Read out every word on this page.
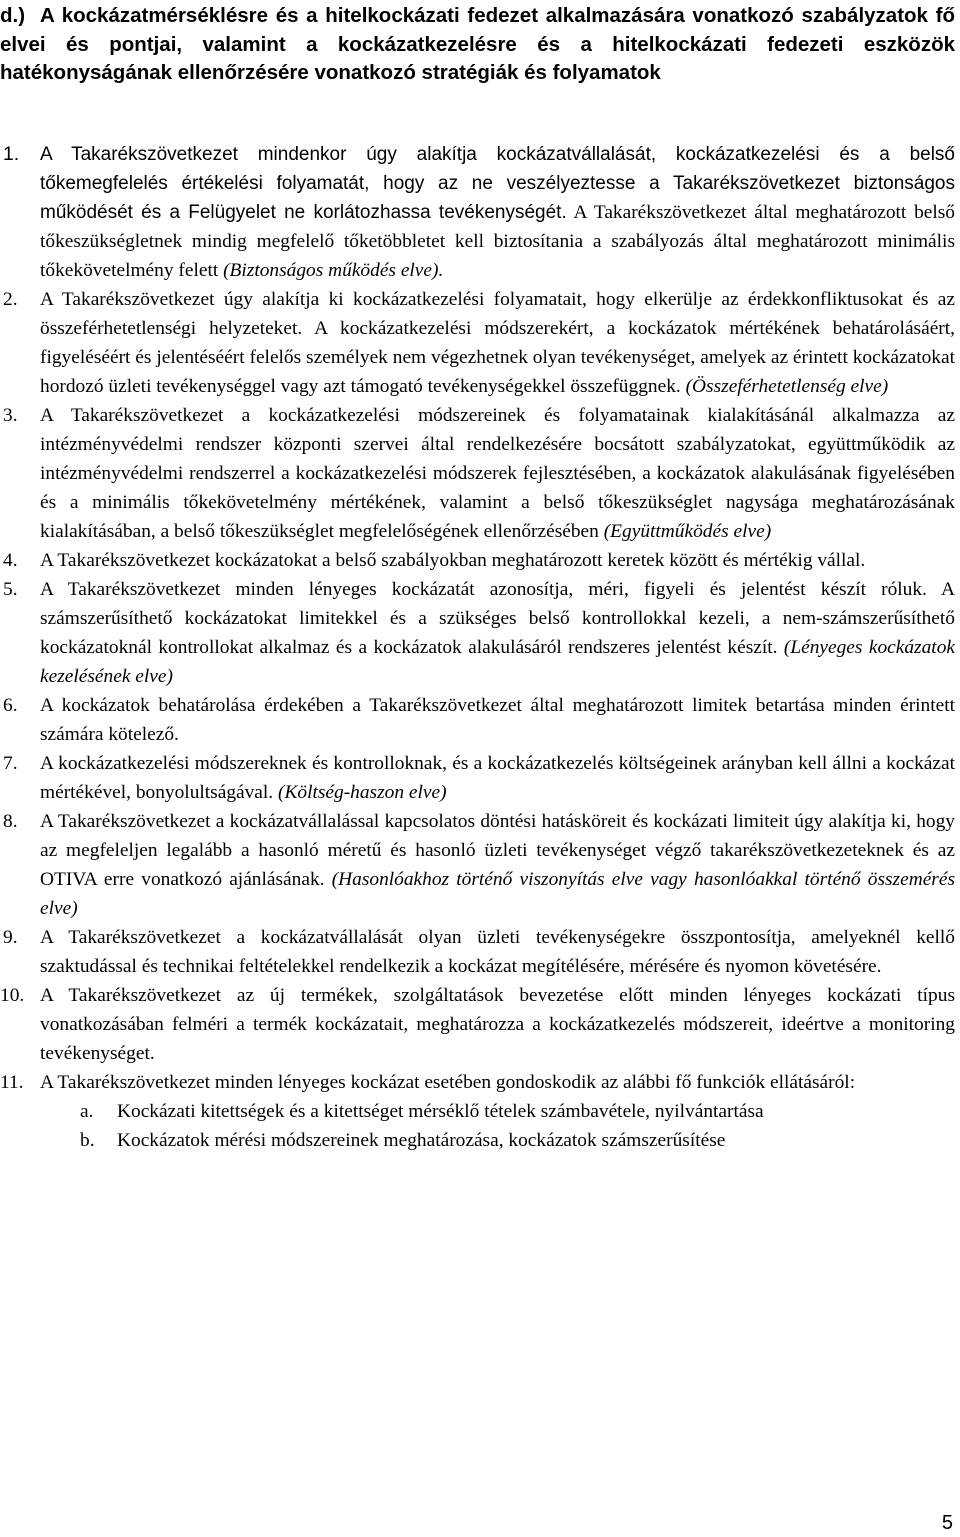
d.) A kockázatmérséklésre és a hitelkockázati fedezet alkalmazására vonatkozó szabályzatok fő elvei és pontjai, valamint a kockázatkezelésre és a hitelkockázati fedezeti eszközök hatékonyságának ellenőrzésére vonatkozó stratégiák és folyamatok
1. A Takarékszövetkezet mindenkor úgy alakítja kockázatvállalását, kockázatkezelési és a belső tőkemegfelelés értékelési folyamatát, hogy az ne veszélyeztesse a Takarékszövetkezet biztonságos működését és a Felügyelet ne korlátozhassa tevékenységét. A Takarékszövetkezet által meghatározott belső tőkeszükségletnek mindig megfelelő tőketöbbletet kell biztosítania a szabályozás által meghatározott minimális tőkekövetelmény felett (Biztonságos működés elve).
2. A Takarékszövetkezet úgy alakítja ki kockázatkezelési folyamatait, hogy elkerülje az érdekkonfliktusokat és az összeférhetetlenségi helyzeteket. A kockázatkezelési módszerekért, a kockázatok mértékének behatárolásáért, figyeléséért és jelentéséért felelős személyek nem végezhetnek olyan tevékenységet, amelyek az érintett kockázatokat hordozó üzleti tevékenységgel vagy azt támogató tevékenységekkel összefüggnek. (Összeférhetetlenség elve)
3. A Takarékszövetkezet a kockázatkezelési módszereinek és folyamatainak kialakításánál alkalmazza az intézményvédelmi rendszer központi szervei által rendelkezésére bocsátott szabályzatokat, együttműködik az intézményvédelmi rendszerrel a kockázatkezelési módszerek fejlesztésében, a kockázatok alakulásának figyelésében és a minimális tőkekövetelmény mértékének, valamint a belső tőkeszükséglet nagysága meghatározásának kialakításában, a belső tőkeszükséglet megfelelőségének ellenőrzésében (Együttműködés elve)
4. A Takarékszövetkezet kockázatokat a belső szabályokban meghatározott keretek között és mértékig vállal.
5. A Takarékszövetkezet minden lényeges kockázatát azonosítja, méri, figyeli és jelentést készít róluk. A számszerűsíthető kockázatokat limitekkel és a szükséges belső kontrollokkal kezeli, a nem-számszerűsíthető kockázatoknál kontrollokat alkalmaz és a kockázatok alakulásáról rendszeres jelentést készít. (Lényeges kockázatok kezelésének elve)
6. A kockázatok behatárolása érdekében a Takarékszövetkezet által meghatározott limitek betartása minden érintett számára kötelező.
7. A kockázatkezelési módszereknek és kontrolloknak, és a kockázatkezelés költségeinek arányban kell állni a kockázat mértékével, bonyolultságával. (Költség-haszon elve)
8. A Takarékszövetkezet a kockázatvállalással kapcsolatos döntési hatásköreit és kockázati limiteit úgy alakítja ki, hogy az megfeleljen legalább a hasonló méretű és hasonló üzleti tevékenységet végző takarékszövetkezeteknek és az OTIVA erre vonatkozó ajánlásának. (Hasonlóakhoz történő viszonyítás elve vagy hasonlóakkal történő összemérés elve)
9. A Takarékszövetkezet a kockázatvállalását olyan üzleti tevékenységekre összpontosítja, amelyeknél kellő szaktudással és technikai feltételekkel rendelkezik a kockázat megítélésére, mérésére és nyomon követésére.
10. A Takarékszövetkezet az új termékek, szolgáltatások bevezetése előtt minden lényeges kockázati típus vonatkozásában felméri a termék kockázatait, meghatározza a kockázatkezelés módszereit, ideértve a monitoring tevékenységet.
11. A Takarékszövetkezet minden lényeges kockázat esetében gondoskodik az alábbi fő funkciók ellátásáról:
a. Kockázati kitettségek és a kitettséget mérséklő tételek számbavétele, nyilvántartása
b. Kockázatok mérési módszereinek meghatározása, kockázatok számszerűsítése
5
